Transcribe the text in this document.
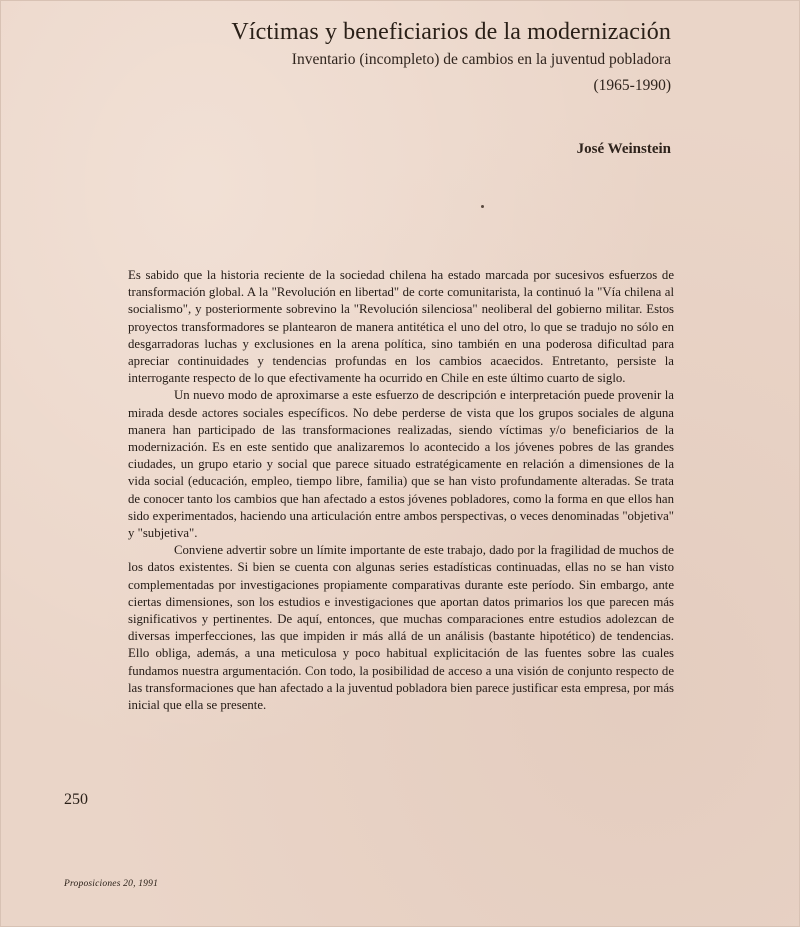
Víctimas y beneficiarios de la modernización
Inventario (incompleto) de cambios en la juventud pobladora
(1965-1990)
José Weinstein

Es sabido que la historia reciente de la sociedad chilena ha estado marcada por sucesivos esfuerzos de transformación global. A la "Revolución en libertad" de corte comunitarista, la continuó la "Vía chilena al socialismo", y posteriormente sobrevino la "Revolución silenciosa" neoliberal del gobierno militar. Estos proyectos transformadores se plantearon de manera antitética el uno del otro, lo que se tradujo no sólo en desgarradoras luchas y exclusiones en la arena política, sino también en una poderosa dificultad para apreciar continuidades y tendencias profundas en los cambios acaecidos. Entretanto, persiste la interrogante respecto de lo que efectivamente ha ocurrido en Chile en este último cuarto de siglo.

Un nuevo modo de aproximarse a este esfuerzo de descripción e interpretación puede provenir la mirada desde actores sociales específicos. No debe perderse de vista que los grupos sociales de alguna manera han participado de las transformaciones realizadas, siendo víctimas y/o beneficiarios de la modernización. Es en este sentido que analizaremos lo acontecido a los jóvenes pobres de las grandes ciudades, un grupo etario y social que parece situado estratégicamente en relación a dimensiones de la vida social (educación, empleo, tiempo libre, familia) que se han visto profundamente alteradas. Se trata de conocer tanto los cambios que han afectado a estos jóvenes pobladores, como la forma en que ellos han sido experimentados, haciendo una articulación entre ambos perspectivas, o veces denominadas "objetiva" y "subjetiva".

Conviene advertir sobre un límite importante de este trabajo, dado por la fragilidad de muchos de los datos existentes. Si bien se cuenta con algunas series estadísticas continuadas, ellas no se han visto complementadas por investigaciones propiamente comparativas durante este período. Sin embargo, ante ciertas dimensiones, son los estudios e investigaciones que aportan datos primarios los que parecen más significativos y pertinentes. De aquí, entonces, que muchas comparaciones entre estudios adolezcan de diversas imperfecciones, las que impiden ir más allá de un análisis (bastante hipotético) de tendencias. Ello obliga, además, a una meticulosa y poco habitual explicitación de las fuentes sobre las cuales fundamos nuestra argumentación. Con todo, la posibilidad de acceso a una visión de conjunto respecto de las transformaciones que han afectado a la juventud pobladora bien parece justificar esta empresa, por más inicial que ella se presente.

250
Proposiciones 20, 1991
